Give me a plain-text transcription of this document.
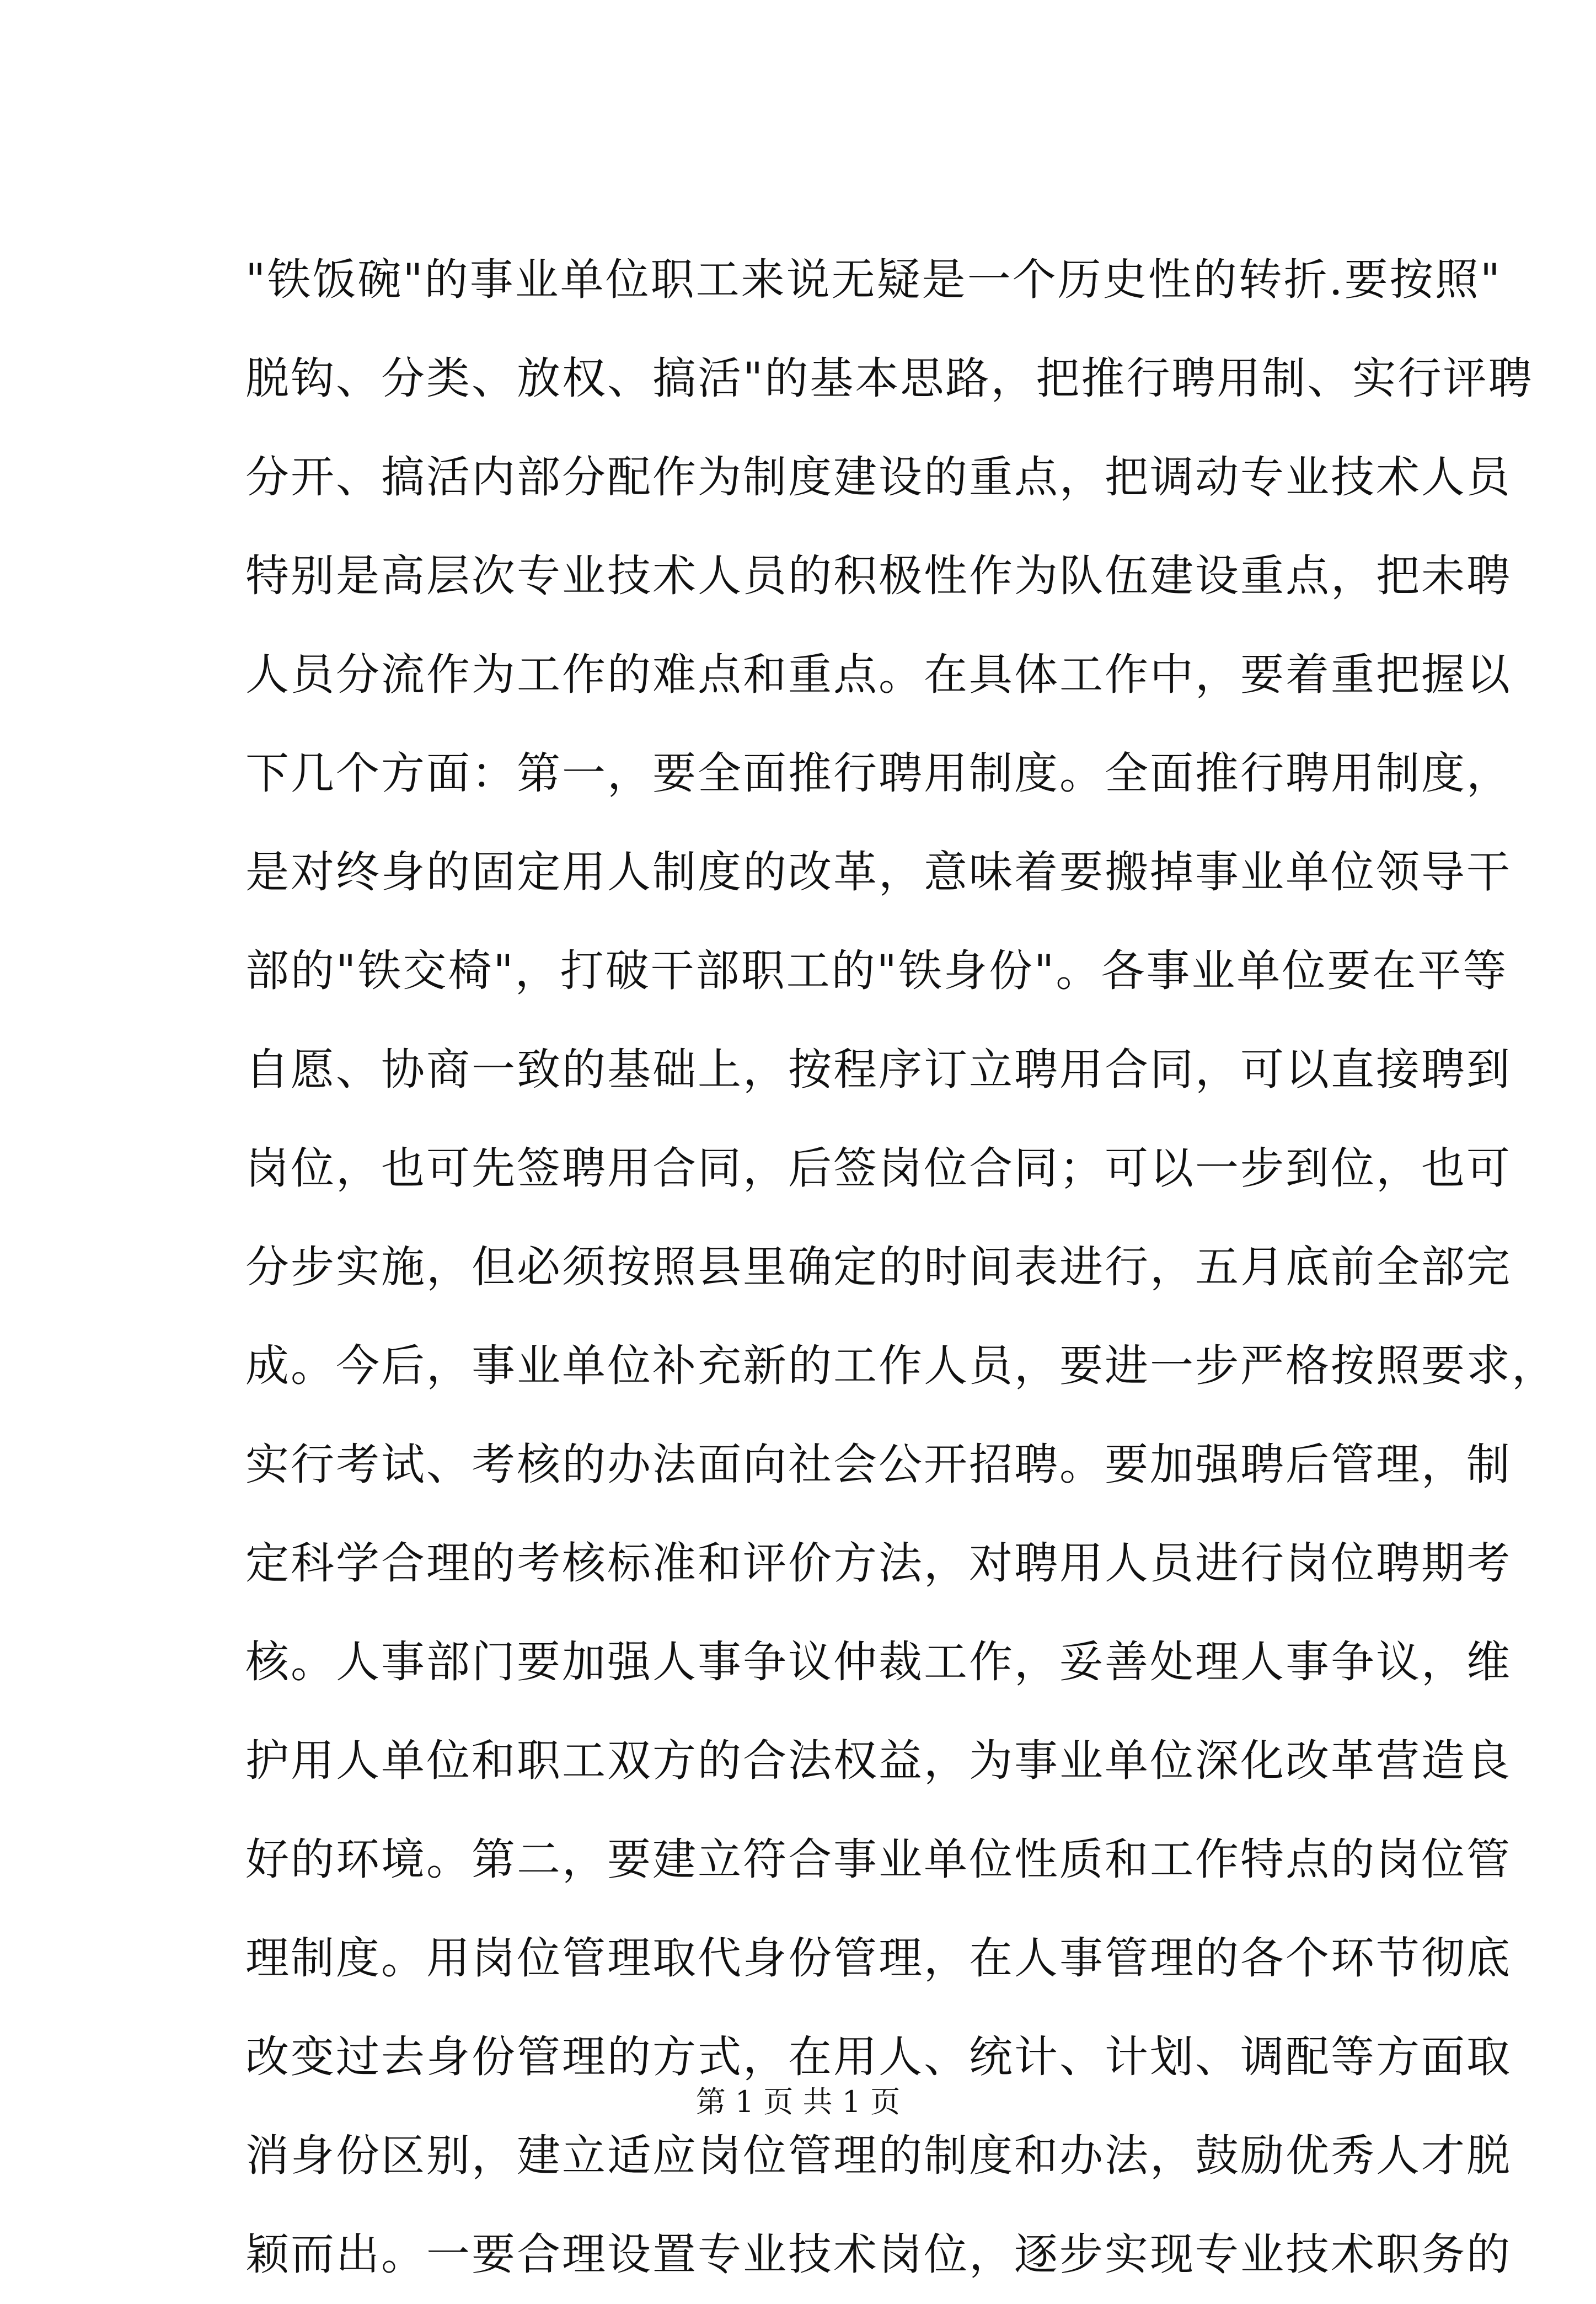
"铁饭碗"的事业单位职工来说无疑是一个历史性的转折.要按照"
脱钩、分类、放权、搞活"的基本思路，把推行聘用制、实行评聘
分开、搞活内部分配作为制度建设的重点，把调动专业技术人员
特别是高层次专业技术人员的积极性作为队伍建设重点，把未聘
人员分流作为工作的难点和重点。在具体工作中，要着重把握以
下几个方面：第一，要全面推行聘用制度。全面推行聘用制度，
是对终身的固定用人制度的改革，意味着要搬掉事业单位领导干
部的"铁交椅"，打破干部职工的"铁身份"。各事业单位要在平等
自愿、协商一致的基础上，按程序订立聘用合同，可以直接聘到
岗位，也可先签聘用合同，后签岗位合同；可以一步到位，也可
分步实施，但必须按照县里确定的时间表进行，五月底前全部完
成。今后，事业单位补充新的工作人员，要进一步严格按照要求，
实行考试、考核的办法面向社会公开招聘。要加强聘后管理，制
定科学合理的考核标准和评价方法，对聘用人员进行岗位聘期考
核。人事部门要加强人事争议仲裁工作，妥善处理人事争议，维
护用人单位和职工双方的合法权益，为事业单位深化改革营造良
好的环境。第二，要建立符合事业单位性质和工作特点的岗位管
理制度。用岗位管理取代身份管理，在人事管理的各个环节彻底
改变过去身份管理的方式，在用人、统计、计划、调配等方面取
消身份区别，建立适应岗位管理的制度和办法，鼓励优秀人才脱
颖而出。一要合理设置专业技术岗位，逐步实现专业技术职务的
第 1 页 共 1 页
